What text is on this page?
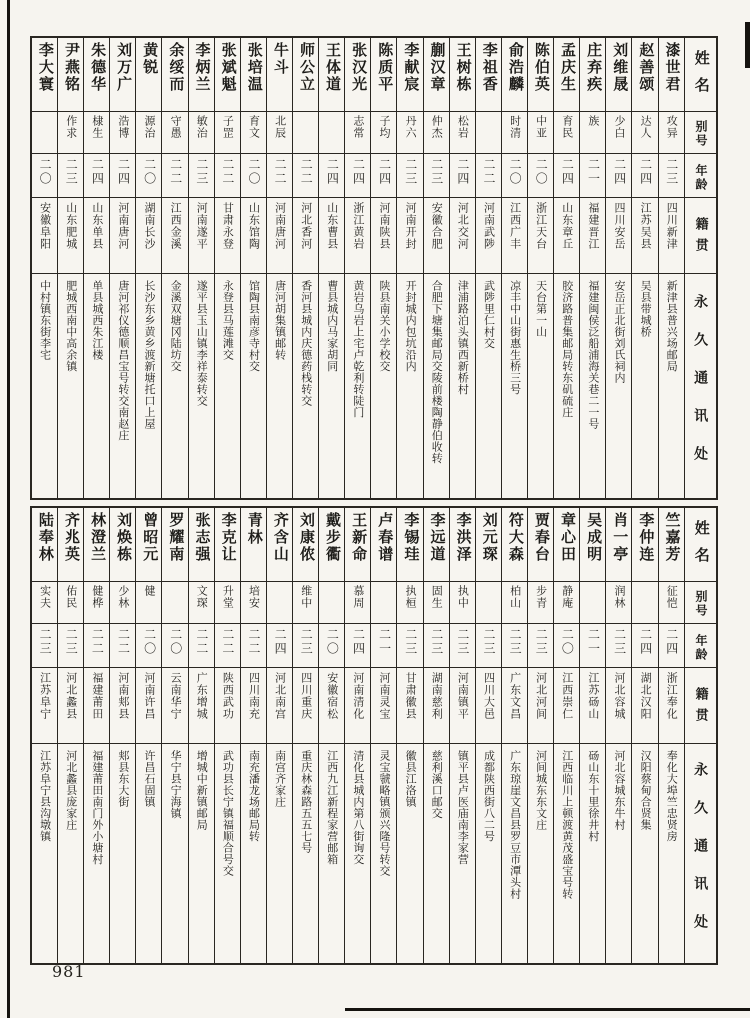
姓名
别号
年龄
籍贯
永久通讯处
漆世君
攻异
二三
四川新津
新津县普兴场邮局
赵善颂
达人
二四
江苏吴县
吴县带城桥
刘维晟
少白
二四
四川安岳
安岳正北街刘氏祠内
庄弃疾
族
二一
福建晋江
福建闽侯泛船浦海关巷二一号
孟庆生
育民
二四
山东章丘
胶济路普集邮局转东矶硫庄
陈伯英
中亚
二〇
浙江天台
天台第一山
俞浩麟
时清
二〇
江西广丰
凉丰中山街惠生桥三号
李祖香
二二
河南武陟
武陟里仁村交
王树栋
松岩
二四
河北交河
津浦路泊头镇西新桥村
蒯汉章
仲杰
二三
安徽合肥
合肥下塘集邮局交陵前楼陶静伯收转
李献宸
丹六
二三
河南开封
开封城内包坑沿内
陈质平
子均
二四
河南陕县
陕县南关小学校交
张汉光
志常
二四
浙江黄岩
黄岩乌岩上宅卢乾利转陡门
王体道
二四
山东曹县
曹县城内马家胡同
师公立
二二
河北香河
香河县城内庆德药栈转交
牛斗
北辰
二二
河南唐河
唐河胡集镇邮转
张培温
育文
二〇
山东馆陶
馆陶县南彦寺村交
张斌魁
子罡
二二
甘肃永登
永登县马莲滩交
李炳兰
敏治
二三
河南遂平
遂平县玉山镇李祥泰转交
余绥而
守愚
二二
江西金溪
金溪双塘冈陆坊交
黄锐
源治
二〇
湖南长沙
长沙东乡黄乡渡新塘托口上屋
刘万广
浩博
二四
河南唐河
唐河祁仪德顺昌宝号转交南赵庄
朱德华
棣生
二四
山东单县
单县城西朱江楼
尹燕铭
作求
二三
山东肥城
肥城西南中高余镇
李大寰
二〇
安徽阜阳
中村镇东街李宅
姓名
别号
年龄
籍贯
永久通讯处
竺嘉芳
征恺
二四
浙江奉化
奉化大埠竺忠贤房
李仲连
二四
湖北汉阳
汉阳蔡甸合贤集
肖一亭
润林
二三
河北容城
河北容城东牛村
吴成明
二一
江苏砀山
砀山东十里徐井村
章心田
静庵
二〇
江西崇仁
江西临川上顿渡黄茂盛宝号转
贾春台
步青
二三
河北河间
河间城东东文庄
符大森
柏山
二三
广东文昌
广东琼崖文昌县罗豆市潭头村
刘元琛
二三
四川大邑
成都陕西街八二号
李洪泽
执中
二三
河南镇平
镇平县卢医庙南李家营
李远道
固生
二三
湖南慈利
慈利溪口邮交
李锡珪
执桓
二三
甘肃徽县
徽县江洛镇
卢春谱
二一
河南灵宝
灵宝虢略镇颁兴隆号转交
王新命
慕周
二四
河南清化
清化县城内第八街询交
戴步衢
二〇
安徽宿松
江西九江新程家营邮箱
刘康侬
维中
二三
四川重庆
重庆林森路五五七号
齐含山
二四
河北南宫
南宫齐家庄
青林
培安
二二
四川南充
南充潘龙场邮局转
李克让
升堂
二二
陕西武功
武功县长宁镇福顺合号交
张志强
文琛
二二
广东增城
增城中新镇邮局
罗耀南
二〇
云南华宁
华宁县宁海镇
曾昭元
健
二〇
河南许昌
许昌石固镇
刘焕栋
少林
二二
河南郏县
郏县东大街
林澄兰
健桦
二二
福建莆田
福建莆田南门外小塘村
齐兆英
佑民
二三
河北蠡县
河北蠡县庞家庄
陆奉林
实夫
二三
江苏阜宁
江苏阜宁县沟墩镇
981
